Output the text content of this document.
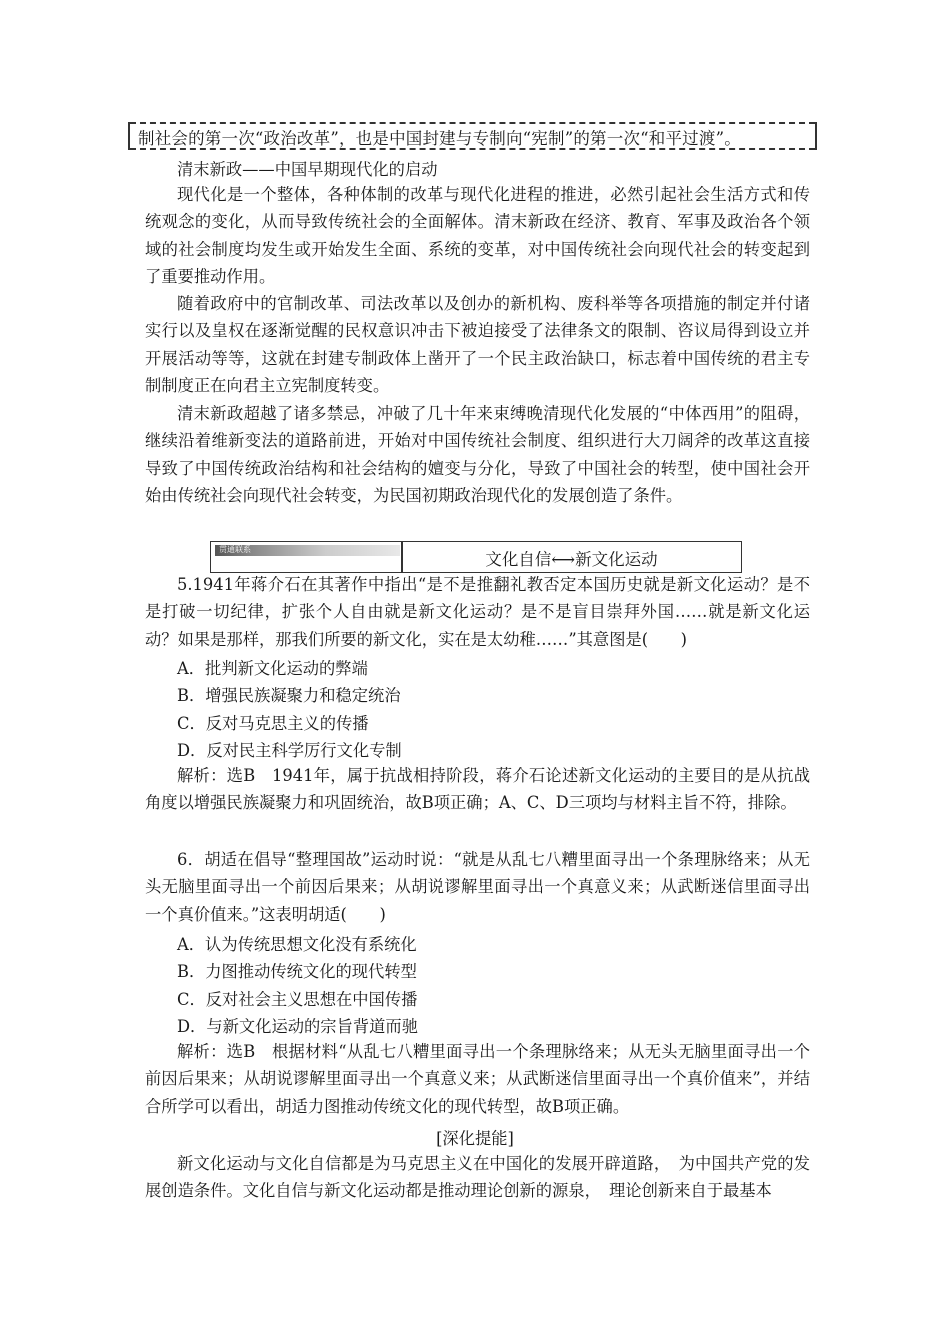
制社会的第一次“政治改革”，也是中国封建与专制向“宪制”的第一次“和平过渡”。

清末新政——中国早期现代化的启动

现代化是一个整体，各种体制的改革与现代化进程的推进，必然引起社会生活方式和传统观念的变化，从而导致传统社会的全面解体。清末新政在经济、教育、军事及政治各个领域的社会制度均发生或开始发生全面、系统的变革，对中国传统社会向现代社会的转变起到了重要推动作用。

随着政府中的官制改革、司法改革以及创办的新机构、废科举等各项措施的制定并付诸实行以及皇权在逐渐觉醒的民权意识冲击下被迫接受了法律条文的限制、咨议局得到设立并开展活动等等，这就在封建专制政体上凿开了一个民主政治缺口，标志着中国传统的君主专制制度正在向君主立宪制度转变。

清末新政超越了诸多禁忌，冲破了几十年来束缚晚清现代化发展的“中体西用”的阻碍，继续沿着维新变法的道路前进，开始对中国传统社会制度、组织进行大刀阔斧的改革这直接导致了中国传统政治结构和社会结构的嬗变与分化，导致了中国社会的转型，使中国社会开始由传统社会向现代社会转变，为民国初期政治现代化的发展创造了条件。

贯通联系
文化自信⟷新文化运动

5.1941年蒋介石在其著作中指出“是不是推翻礼教否定本国历史就是新文化运动？是不是打破一切纪律，扩张个人自由就是新文化运动？是不是盲目崇拜外国……就是新文化运动？如果是那样，那我们所要的新文化，实在是太幼稚……”其意图是(　　)

A．批判新文化运动的弊端

B．增强民族凝聚力和稳定统治

C．反对马克思主义的传播

D．反对民主科学厉行文化专制

解析：选B　1941年，属于抗战相持阶段，蒋介石论述新文化运动的主要目的是从抗战角度以增强民族凝聚力和巩固统治，故B项正确；A、C、D三项均与材料主旨不符，排除。

6．胡适在倡导“整理国故”运动时说：“就是从乱七八糟里面寻出一个条理脉络来；从无头无脑里面寻出一个前因后果来；从胡说谬解里面寻出一个真意义来；从武断迷信里面寻出一个真价值来。”这表明胡适(　　)

A．认为传统思想文化没有系统化

B．力图推动传统文化的现代转型

C．反对社会主义思想在中国传播

D．与新文化运动的宗旨背道而驰

解析：选B　根据材料“从乱七八糟里面寻出一个条理脉络来；从无头无脑里面寻出一个前因后果来；从胡说谬解里面寻出一个真意义来；从武断迷信里面寻出一个真价值来”，并结合所学可以看出，胡适力图推动传统文化的现代转型，故B项正确。

[深化提能]

新文化运动与文化自信都是为马克思主义在中国化的发展开辟道路，　为中国共产党的发展创造条件。文化自信与新文化运动都是推动理论创新的源泉，　理论创新来自于最基本
